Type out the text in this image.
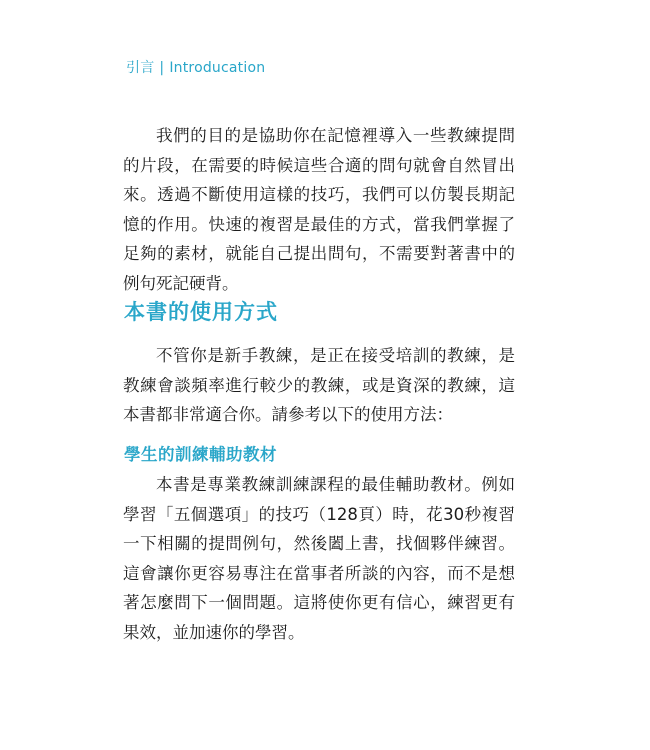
引言 | Introducation

我們的目的是協助你在記憶裡導入一些教練提問的片段，在需要的時候這些合適的問句就會自然冒出來。透過不斷使用這樣的技巧，我們可以仿製長期記憶的作用。快速的複習是最佳的方式，當我們掌握了足夠的素材，就能自己提出問句，不需要對著書中的例句死記硬背。

本書的使用方式

不管你是新手教練，是正在接受培訓的教練，是教練會談頻率進行較少的教練，或是資深的教練，這本書都非常適合你。請參考以下的使用方法：

學生的訓練輔助教材

本書是專業教練訓練課程的最佳輔助教材。例如學習「五個選項」的技巧（128頁）時，花30秒複習一下相關的提問例句，然後闔上書，找個夥伴練習。這會讓你更容易專注在當事者所談的內容，而不是想著怎麼問下一個問題。這將使你更有信心，練習更有果效，並加速你的學習。
